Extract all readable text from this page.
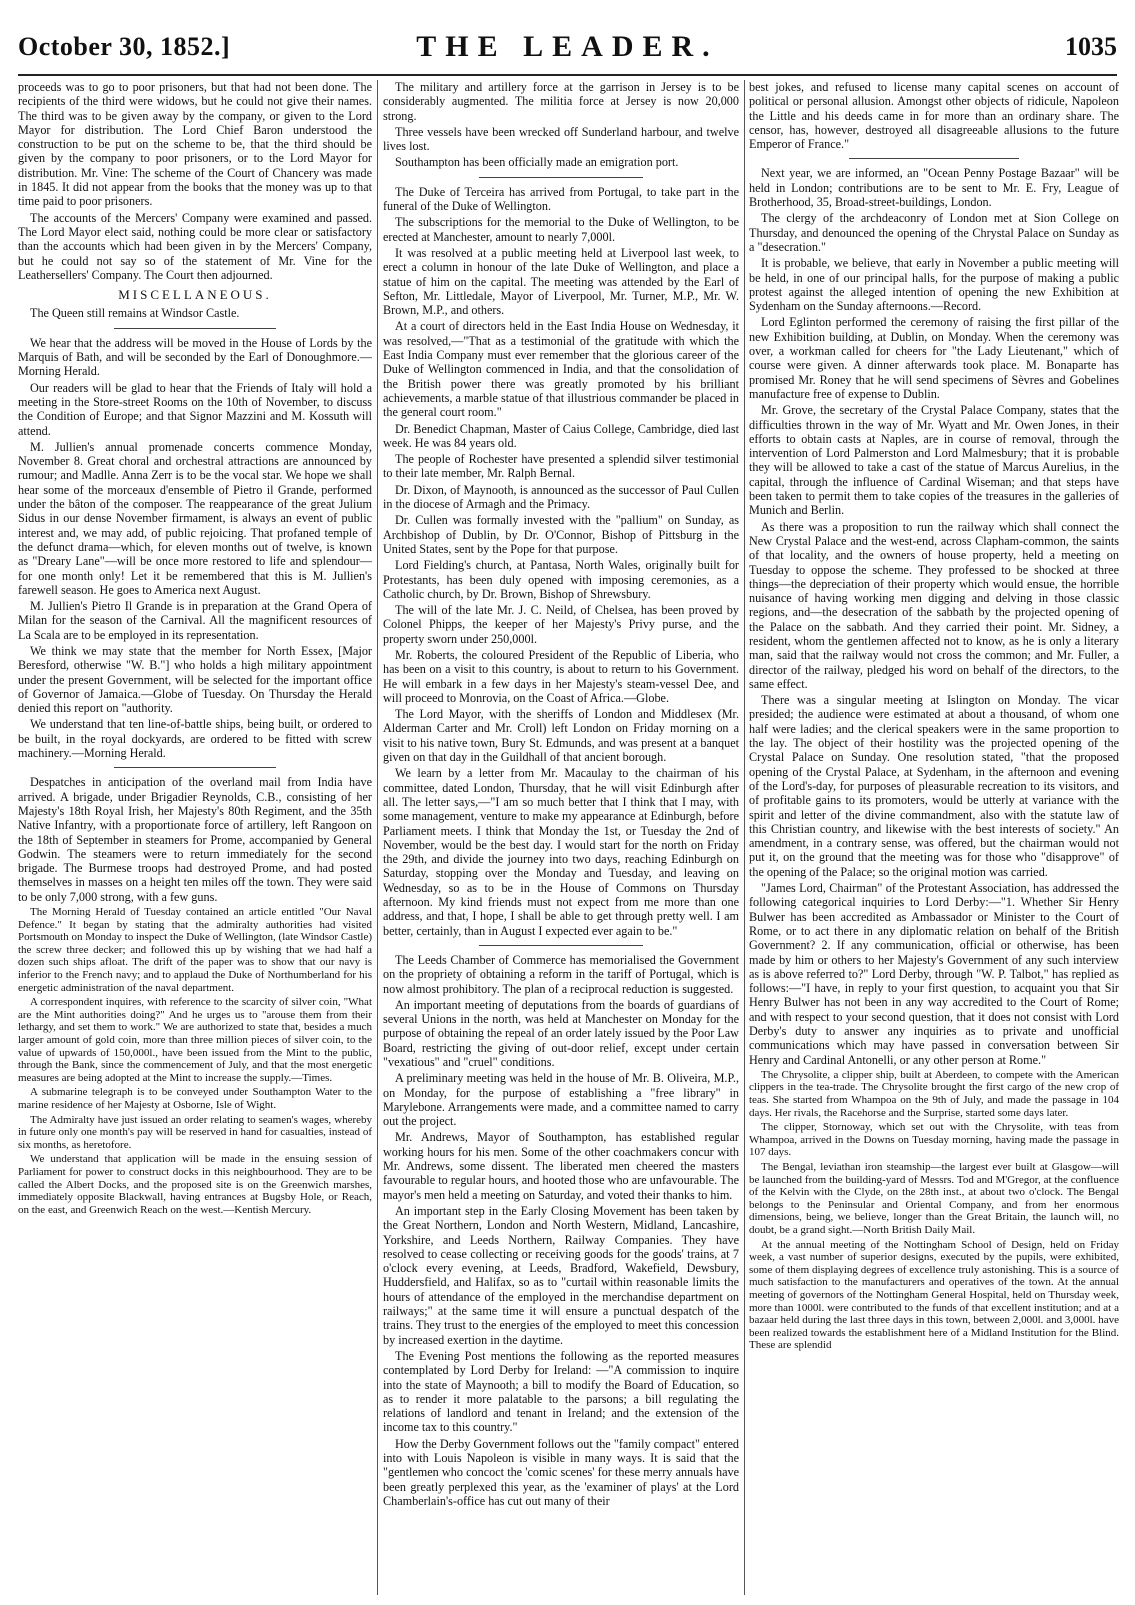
October 30, 1852.]	THE LEADER.	1035

proceeds was to go to poor prisoners, but that had not been done. The recipients of the third were widows, but he could not give their names. The third was to be given away by the company, or given to the Lord Mayor for distribution. The Lord Chief Baron understood the construction to be put on the scheme to be, that the third should be given by the company to poor prisoners, or to the Lord Mayor for distribution. Mr. Vine: The scheme of the Court of Chancery was made in 1845. It did not appear from the books that the money was up to that time paid to poor prisoners.

The accounts of the Mercers' Company were examined and passed. The Lord Mayor elect said, nothing could be more clear or satisfactory than the accounts which had been given in by the Mercers' Company, but he could not say so of the statement of Mr. Vine for the Leathersellers' Company. The Court then adjourned.

MISCELLANEOUS.

The Queen still remains at Windsor Castle.

We hear that the address will be moved in the House of Lords by the Marquis of Bath, and will be seconded by the Earl of Donoughmore.— Morning Herald.

Our readers will be glad to hear that the Friends of Italy will hold a meeting in the Store-street Rooms on the 10th of November, to discuss the Condition of Europe; and that Signor Mazzini and M. Kossuth will attend.

M. Jullien's annual promenade concerts commence Monday, November 8. Great choral and orchestral attractions are announced by rumour; and Madlle. Anna Zerr is to be the vocal star. We hope we shall hear some of the morceaux d'ensemble of Pietro il Grande, performed under the bâton of the composer. The reappearance of the great Julium Sidus in our dense November firmament, is always an event of public interest and, we may add, of public rejoicing. That profaned temple of the defunct drama—which, for eleven months out of twelve, is known as "Dreary Lane"—will be once more restored to life and splendour—for one month only! Let it be remembered that this is M. Jullien's farewell season. He goes to America next August.

M. Jullien's Pietro Il Grande is in preparation at the Grand Opera of Milan for the season of the Carnival. All the magnificent resources of La Scala are to be employed in its representation.

We think we may state that the member for North Essex, [Major Beresford, otherwise "W. B."] who holds a high military appointment under the present Government, will be selected for the important office of Governor of Jamaica.—Globe of Tuesday. On Thursday the Herald denied this report on "authority.

We understand that ten line-of-battle ships, being built, or ordered to be built, in the royal dockyards, are ordered to be fitted with screw machinery.—Morning Herald.

Despatches in anticipation of the overland mail from India have arrived. A brigade, under Brigadier Reynolds, C.B., consisting of her Majesty's 18th Royal Irish, her Majesty's 80th Regiment, and the 35th Native Infantry, with a proportionate force of artillery, left Rangoon on the 18th of September in steamers for Prome, accompanied by General Godwin. The steamers were to return immediately for the second brigade. The Burmese troops had destroyed Prome, and had posted themselves in masses on a height ten miles off the town. They were said to be only 7,000 strong, with a few guns.

The Morning Herald of Tuesday contained an article entitled "Our Naval Defence." It began by stating that the admiralty authorities had visited Portsmouth on Monday to inspect the Duke of Wellington, (late Windsor Castle) the screw three decker; and followed this up by wishing that we had half a dozen such ships afloat. The drift of the paper was to show that our navy is inferior to the French navy; and to applaud the Duke of Northumberland for his energetic administration of the naval department.

A correspondent inquires, with reference to the scarcity of silver coin, "What are the Mint authorities doing?" And he urges us to "arouse them from their lethargy, and set them to work." We are authorized to state that, besides a much larger amount of gold coin, more than three million pieces of silver coin, to the value of upwards of 150,000l., have been issued from the Mint to the public, through the Bank, since the commencement of July, and that the most energetic measures are being adopted at the Mint to increase the supply.—Times.

A submarine telegraph is to be conveyed under Southampton Water to the marine residence of her Majesty at Osborne, Isle of Wight.

The Admiralty have just issued an order relating to seamen's wages, whereby in future only one month's pay will be reserved in hand for casualties, instead of six months, as heretofore.

We understand that application will be made in the ensuing session of Parliament for power to construct docks in this neighbourhood. They are to be called the Albert Docks, and the proposed site is on the Greenwich marshes, immediately opposite Blackwall, having entrances at Bugsby Hole, or Reach, on the east, and Greenwich Reach on the west.—Kentish Mercury.

The military and artillery force at the garrison in Jersey is to be considerably augmented. The militia force at Jersey is now 20,000 strong.

Three vessels have been wrecked off Sunderland harbour, and twelve lives lost.

Southampton has been officially made an emigration port.

The Duke of Terceira has arrived from Portugal, to take part in the funeral of the Duke of Wellington.

The subscriptions for the memorial to the Duke of Wellington, to be erected at Manchester, amount to nearly 7,000l.

It was resolved at a public meeting held at Liverpool last week, to erect a column in honour of the late Duke of Wellington, and place a statue of him on the capital. The meeting was attended by the Earl of Sefton, Mr. Littledale, Mayor of Liverpool, Mr. Turner, M.P., Mr. W. Brown, M.P., and others.

At a court of directors held in the East India House on Wednesday, it was resolved,—"That as a testimonial of the gratitude with which the East India Company must ever remember that the glorious career of the Duke of Wellington commenced in India, and that the consolidation of the British power there was greatly promoted by his brilliant achievements, a marble statue of that illustrious commander be placed in the general court room."

Dr. Benedict Chapman, Master of Caius College, Cambridge, died last week. He was 84 years old.

The people of Rochester have presented a splendid silver testimonial to their late member, Mr. Ralph Bernal.

Dr. Dixon, of Maynooth, is announced as the successor of Paul Cullen in the diocese of Armagh and the Primacy.

Dr. Cullen was formally invested with the "pallium" on Sunday, as Archbishop of Dublin, by Dr. O'Connor, Bishop of Pittsburg in the United States, sent by the Pope for that purpose.

Lord Fielding's church, at Pantasa, North Wales, originally built for Protestants, has been duly opened with imposing ceremonies, as a Catholic church, by Dr. Brown, Bishop of Shrewsbury.

The will of the late Mr. J. C. Neild, of Chelsea, has been proved by Colonel Phipps, the keeper of her Majesty's Privy purse, and the property sworn under 250,000l.

Mr. Roberts, the coloured President of the Republic of Liberia, who has been on a visit to this country, is about to return to his Government. He will embark in a few days in her Majesty's steam-vessel Dee, and will proceed to Monrovia, on the Coast of Africa.—Globe.

The Lord Mayor, with the sheriffs of London and Middlesex (Mr. Alderman Carter and Mr. Croll) left London on Friday morning on a visit to his native town, Bury St. Edmunds, and was present at a banquet given on that day in the Guildhall of that ancient borough.

We learn by a letter from Mr. Macaulay to the chairman of his committee, dated London, Thursday, that he will visit Edinburgh after all. The letter says,—"I am so much better that I think that I may, with some management, venture to make my appearance at Edinburgh, before Parliament meets. I think that Monday the 1st, or Tuesday the 2nd of November, would be the best day. I would start for the north on Friday the 29th, and divide the journey into two days, reaching Edinburgh on Saturday, stopping over the Monday and Tuesday, and leaving on Wednesday, so as to be in the House of Commons on Thursday afternoon. My kind friends must not expect from me more than one address, and that, I hope, I shall be able to get through pretty well. I am better, certainly, than in August I expected ever again to be."

The Leeds Chamber of Commerce has memorialised the Government on the propriety of obtaining a reform in the tariff of Portugal, which is now almost prohibitory. The plan of a reciprocal reduction is suggested.

An important meeting of deputations from the boards of guardians of several Unions in the north, was held at Manchester on Monday for the purpose of obtaining the repeal of an order lately issued by the Poor Law Board, restricting the giving of out-door relief, except under certain "vexatious" and "cruel" conditions.

A preliminary meeting was held in the house of Mr. B. Oliveira, M.P., on Monday, for the purpose of establishing a "free library" in Marylebone. Arrangements were made, and a committee named to carry out the project.

Mr. Andrews, Mayor of Southampton, has established regular working hours for his men. Some of the other coachmakers concur with Mr. Andrews, some dissent. The liberated men cheered the masters favourable to regular hours, and hooted those who are unfavourable. The mayor's men held a meeting on Saturday, and voted their thanks to him.

An important step in the Early Closing Movement has been taken by the Great Northern, London and North Western, Midland, Lancashire, Yorkshire, and Leeds Northern, Railway Companies. They have resolved to cease collecting or receiving goods for the goods' trains, at 7 o'clock every evening, at Leeds, Bradford, Wakefield, Dewsbury, Huddersfield, and Halifax, so as to "curtail within reasonable limits the hours of attendance of the employed in the merchandise department on railways;" at the same time it will ensure a punctual despatch of the trains. They trust to the energies of the employed to meet this concession by increased exertion in the daytime.

The Evening Post mentions the following as the reported measures contemplated by Lord Derby for Ireland: —"A commission to inquire into the state of Maynooth; a bill to modify the Board of Education, so as to render it more palatable to the parsons; a bill regulating the relations of landlord and tenant in Ireland; and the extension of the income tax to this country."

How the Derby Government follows out the "family compact" entered into with Louis Napoleon is visible in many ways. It is said that the "gentlemen who concoct the 'comic scenes' for these merry annuals have been greatly perplexed this year, as the 'examiner of plays' at the Lord Chamberlain's-office has cut out many of their

best jokes, and refused to license many capital scenes on account of political or personal allusion. Amongst other objects of ridicule, Napoleon the Little and his deeds came in for more than an ordinary share. The censor, has, however, destroyed all disagreeable allusions to the future Emperor of France."

Next year, we are informed, an "Ocean Penny Postage Bazaar" will be held in London; contributions are to be sent to Mr. E. Fry, League of Brotherhood, 35, Broad-street-buildings, London.

The clergy of the archdeaconry of London met at Sion College on Thursday, and denounced the opening of the Chrystal Palace on Sunday as a "desecration."

It is probable, we believe, that early in November a public meeting will be held, in one of our principal halls, for the purpose of making a public protest against the alleged intention of opening the new Exhibition at Sydenham on the Sunday afternoons.—Record.

Lord Eglinton performed the ceremony of raising the first pillar of the new Exhibition building, at Dublin, on Monday. When the ceremony was over, a workman called for cheers for "the Lady Lieutenant," which of course were given. A dinner afterwards took place. M. Bonaparte has promised Mr. Roney that he will send specimens of Sèvres and Gobelines manufacture free of expense to Dublin.

Mr. Grove, the secretary of the Crystal Palace Company, states that the difficulties thrown in the way of Mr. Wyatt and Mr. Owen Jones, in their efforts to obtain casts at Naples, are in course of removal, through the intervention of Lord Palmerston and Lord Malmesbury; that it is probable they will be allowed to take a cast of the statue of Marcus Aurelius, in the capital, through the influence of Cardinal Wiseman; and that steps have been taken to permit them to take copies of the treasures in the galleries of Munich and Berlin.

As there was a proposition to run the railway which shall connect the New Crystal Palace and the west-end, across Clapham-common, the saints of that locality, and the owners of house property, held a meeting on Tuesday to oppose the scheme. They professed to be shocked at three things—the depreciation of their property which would ensue, the horrible nuisance of having working men digging and delving in those classic regions, and—the desecration of the sabbath by the projected opening of the Palace on the sabbath. And they carried their point. Mr. Sidney, a resident, whom the gentlemen affected not to know, as he is only a literary man, said that the railway would not cross the common; and Mr. Fuller, a director of the railway, pledged his word on behalf of the directors, to the same effect.

There was a singular meeting at Islington on Monday. The vicar presided; the audience were estimated at about a thousand, of whom one half were ladies; and the clerical speakers were in the same proportion to the lay. The object of their hostility was the projected opening of the Crystal Palace on Sunday. One resolution stated, "that the proposed opening of the Crystal Palace, at Sydenham, in the afternoon and evening of the Lord's-day, for purposes of pleasurable recreation to its visitors, and of profitable gains to its promoters, would be utterly at variance with the spirit and letter of the divine commandment, also with the statute law of this Christian country, and likewise with the best interests of society." An amendment, in a contrary sense, was offered, but the chairman would not put it, on the ground that the meeting was for those who "disapprove" of the opening of the Palace; so the original motion was carried.

"James Lord, Chairman" of the Protestant Association, has addressed the following categorical inquiries to Lord Derby:—"1. Whether Sir Henry Bulwer has been accredited as Ambassador or Minister to the Court of Rome, or to act there in any diplomatic relation on behalf of the British Government? 2. If any communication, official or otherwise, has been made by him or others to her Majesty's Government of any such interview as is above referred to?" Lord Derby, through "W. P. Talbot," has replied as follows:—"I have, in reply to your first question, to acquaint you that Sir Henry Bulwer has not been in any way accredited to the Court of Rome; and with respect to your second question, that it does not consist with Lord Derby's duty to answer any inquiries as to private and unofficial communications which may have passed in conversation between Sir Henry and Cardinal Antonelli, or any other person at Rome."

The Chrysolite, a clipper ship, built at Aberdeen, to compete with the American clippers in the tea-trade. The Chrysolite brought the first cargo of the new crop of teas. She started from Whampoa on the 9th of July, and made the passage in 104 days. Her rivals, the Racehorse and the Surprise, started some days later.

The clipper, Stornoway, which set out with the Chrysolite, with teas from Whampoa, arrived in the Downs on Tuesday morning, having made the passage in 107 days.

The Bengal, leviathan iron steamship—the largest ever built at Glasgow—will be launched from the building-yard of Messrs. Tod and M'Gregor, at the confluence of the Kelvin with the Clyde, on the 28th inst., at about two o'clock. The Bengal belongs to the Peninsular and Oriental Company, and from her enormous dimensions, being, we believe, longer than the Great Britain, the launch will, no doubt, be a grand sight.—North British Daily Mail.

At the annual meeting of the Nottingham School of Design, held on Friday week, a vast number of superior designs, executed by the pupils, were exhibited, some of them displaying degrees of excellence truly astonishing. This is a source of much satisfaction to the manufacturers and operatives of the town. At the annual meeting of governors of the Nottingham General Hospital, held on Thursday week, more than 1000l. were contributed to the funds of that excellent institution; and at a bazaar held during the last three days in this town, between 2,000l. and 3,000l. have been realized towards the establishment here of a Midland Institution for the Blind. These are splendid
